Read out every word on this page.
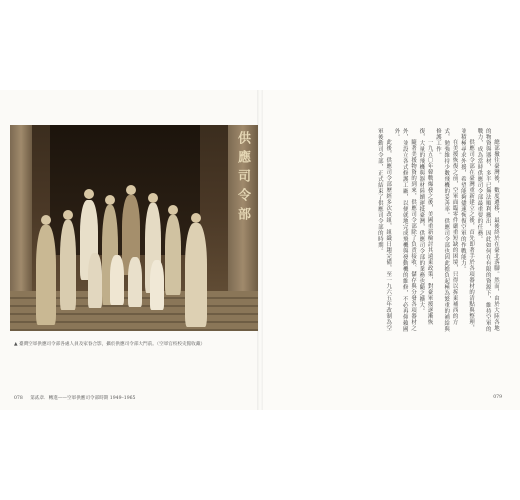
供應司令部
▲ 臺灣空軍供應司令部各處人員及家眷合影，攝於供應司令部大門前。（空軍官校校史館收藏）
078 第貳章．轉進——空軍供應司令部時期 1949–1965	079

總部撤往臺灣後，數度遷移，最後終於在臺北落腳。然而，由於大陸各地的物資與器材，多半已無法順利撤出，因此如何在有限的資源下，維持空軍的戰力，成為當時供應司令部最重要的任務。

供應司令部在臺灣重新建立之後，首先即著手於各項器材的清點與整理，並積極尋求外援，希望能夠儘速恢復空軍的作戰能力。

在美援恢復之前，空軍面臨零件嚴重短缺的困境，只得以拆東補西的方式，勉強維持少數飛機的妥善率。供應司令部也因此擔負起極為繁重的補給與修護工作。

一九五〇年韓戰爆發之後，美國重新檢討其遠東政策，對臺軍援逐漸恢復，大量的飛機與器材陸續運抵臺灣，供應司令部的業務也隨之擴大。

隨著美援物資的到來，供應司令部除了負責接收、儲存與分發各項器材之外，並設立各式修護工廠，以便就地完成飛機與發動機的維修，不必再仰賴國外。

此後，供應司令部歷經多次改組，組織日趨完備，至一九六五年改制為空軍後勤司令部，正式結束了供應司令部的時期。
